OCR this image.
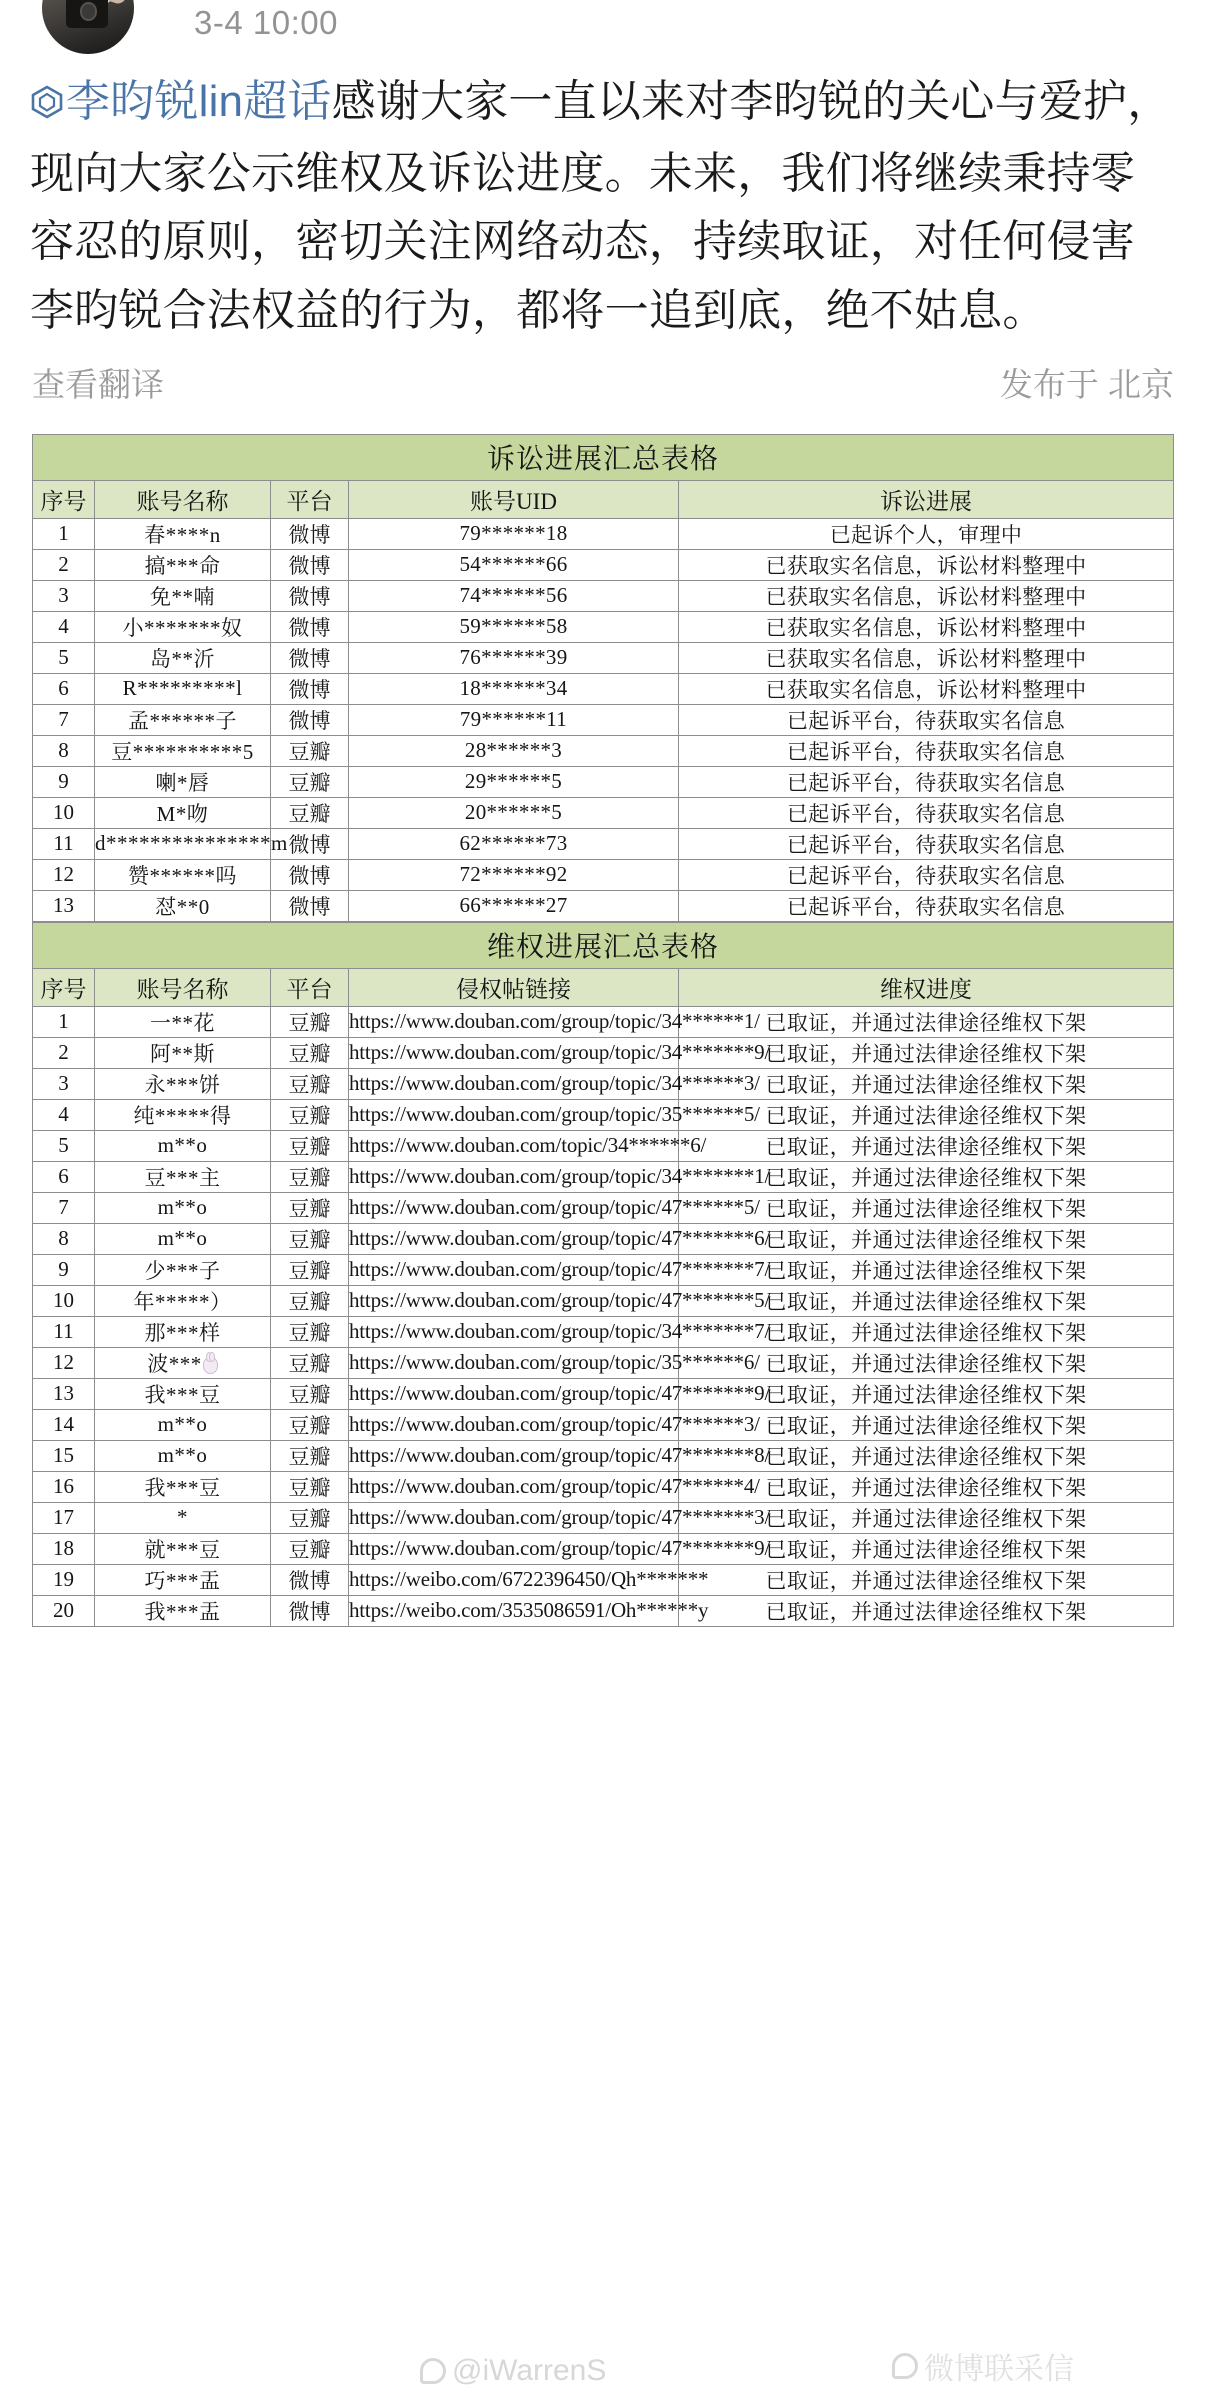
3-4 10:00
李昀锐lin超话感谢大家一直以来对李昀锐的关心与爱护，现向大家公示维权及诉讼进度。未来，我们将继续秉持零容忍的原则，密切关注网络动态，持续取证，对任何侵害李昀锐合法权益的行为，都将一追到底，绝不姑息。
查看翻译	发布于 北京
诉讼进展汇总表格				
序号	账号名称	平台	账号UID	诉讼进展
1	春****n	微博	79******18	已起诉个人，审理中
2	搞***命	微博	54******66	已获取实名信息，诉讼材料整理中
3	免**喃	微博	74******56	已获取实名信息，诉讼材料整理中
4	小*******奴	微博	59******58	已获取实名信息，诉讼材料整理中
5	岛**沂	微博	76******39	已获取实名信息，诉讼材料整理中
6	R*********l	微博	18******34	已获取实名信息，诉讼材料整理中
7	孟******子	微博	79******11	已起诉平台，待获取实名信息
8	豆**********5	豆瓣	28******3	已起诉平台，待获取实名信息
9	喇*唇	豆瓣	29******5	已起诉平台，待获取实名信息
10	M*吻	豆瓣	20******5	已起诉平台，待获取实名信息
11	d***************m	微博	62******73	已起诉平台，待获取实名信息
12	赞******吗	微博	72******92	已起诉平台，待获取实名信息
13	怼**0	微博	66******27	已起诉平台，待获取实名信息
维权进展汇总表格				
序号	账号名称	平台	侵权帖链接	维权进度
1	一**花	豆瓣	https://www.douban.com/group/topic/34******1/	已取证，并通过法律途径维权下架
2	阿**斯	豆瓣	https://www.douban.com/group/topic/34*******9/	已取证，并通过法律途径维权下架
3	永***饼	豆瓣	https://www.douban.com/group/topic/34******3/	已取证，并通过法律途径维权下架
4	纯*****得	豆瓣	https://www.douban.com/group/topic/35******5/	已取证，并通过法律途径维权下架
5	m**o	豆瓣	https://www.douban.com/topic/34******6/	已取证，并通过法律途径维权下架
6	豆***主	豆瓣	https://www.douban.com/group/topic/34*******1/	已取证，并通过法律途径维权下架
7	m**o	豆瓣	https://www.douban.com/group/topic/47******5/	已取证，并通过法律途径维权下架
8	m**o	豆瓣	https://www.douban.com/group/topic/47*******6/	已取证，并通过法律途径维权下架
9	少***子	豆瓣	https://www.douban.com/group/topic/47*******7/	已取证，并通过法律途径维权下架
10	年*****）	豆瓣	https://www.douban.com/group/topic/47*******5/	已取证，并通过法律途径维权下架
11	那***样	豆瓣	https://www.douban.com/group/topic/34*******7/	已取证，并通过法律途径维权下架
12	波***	豆瓣	https://www.douban.com/group/topic/35******6/	已取证，并通过法律途径维权下架
13	我***豆	豆瓣	https://www.douban.com/group/topic/47*******9/	已取证，并通过法律途径维权下架
14	m**o	豆瓣	https://www.douban.com/group/topic/47******3/	已取证，并通过法律途径维权下架
15	m**o	豆瓣	https://www.douban.com/group/topic/47*******8/	已取证，并通过法律途径维权下架
16	我***豆	豆瓣	https://www.douban.com/group/topic/47******4/	已取证，并通过法律途径维权下架
17	*	豆瓣	https://www.douban.com/group/topic/47*******3/	已取证，并通过法律途径维权下架
18	就***豆	豆瓣	https://www.douban.com/group/topic/47*******9/	已取证，并通过法律途径维权下架
19	巧***盂	微博	https://weibo.com/6722396450/Qh*******	已取证，并通过法律途径维权下架
20	我***盂	微博	https://weibo.com/3535086591/Oh******y	已取证，并通过法律途径维权下架
@iWarrenS	微博联采信
